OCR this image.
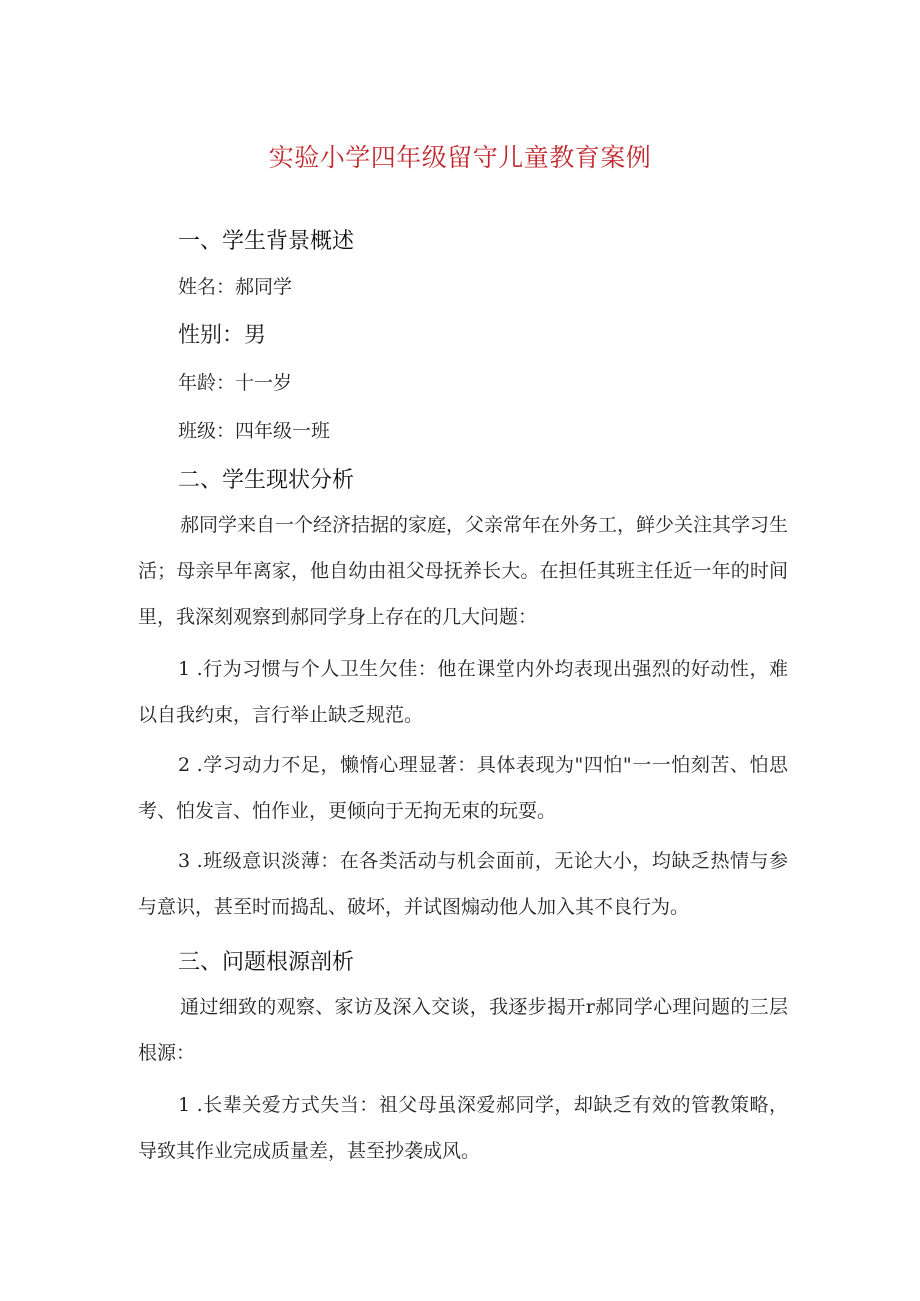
实验小学四年级留守儿童教育案例
一、学生背景概述
姓名：郝同学
性别：男
年龄：十一岁
班级：四年级一班
二、学生现状分析
郝同学来自一个经济拮据的家庭，父亲常年在外务工，鲜少关注其学习生活；母亲早年离家，他自幼由祖父母抚养长大。在担任其班主任近一年的时间里，我深刻观察到郝同学身上存在的几大问题：
1 .行为习惯与个人卫生欠佳：他在课堂内外均表现出强烈的好动性，难以自我约束，言行举止缺乏规范。
2 .学习动力不足，懒惰心理显著：具体表现为"四怕"一一怕刻苦、怕思考、怕发言、怕作业，更倾向于无拘无束的玩耍。
3 .班级意识淡薄：在各类活动与机会面前，无论大小，均缺乏热情与参与意识，甚至时而捣乱、破坏，并试图煽动他人加入其不良行为。
三、问题根源剖析
通过细致的观察、家访及深入交谈，我逐步揭开r郝同学心理问题的三层根源：
1 .长辈关爱方式失当：祖父母虽深爱郝同学，却缺乏有效的管教策略，导致其作业完成质量差，甚至抄袭成风。
